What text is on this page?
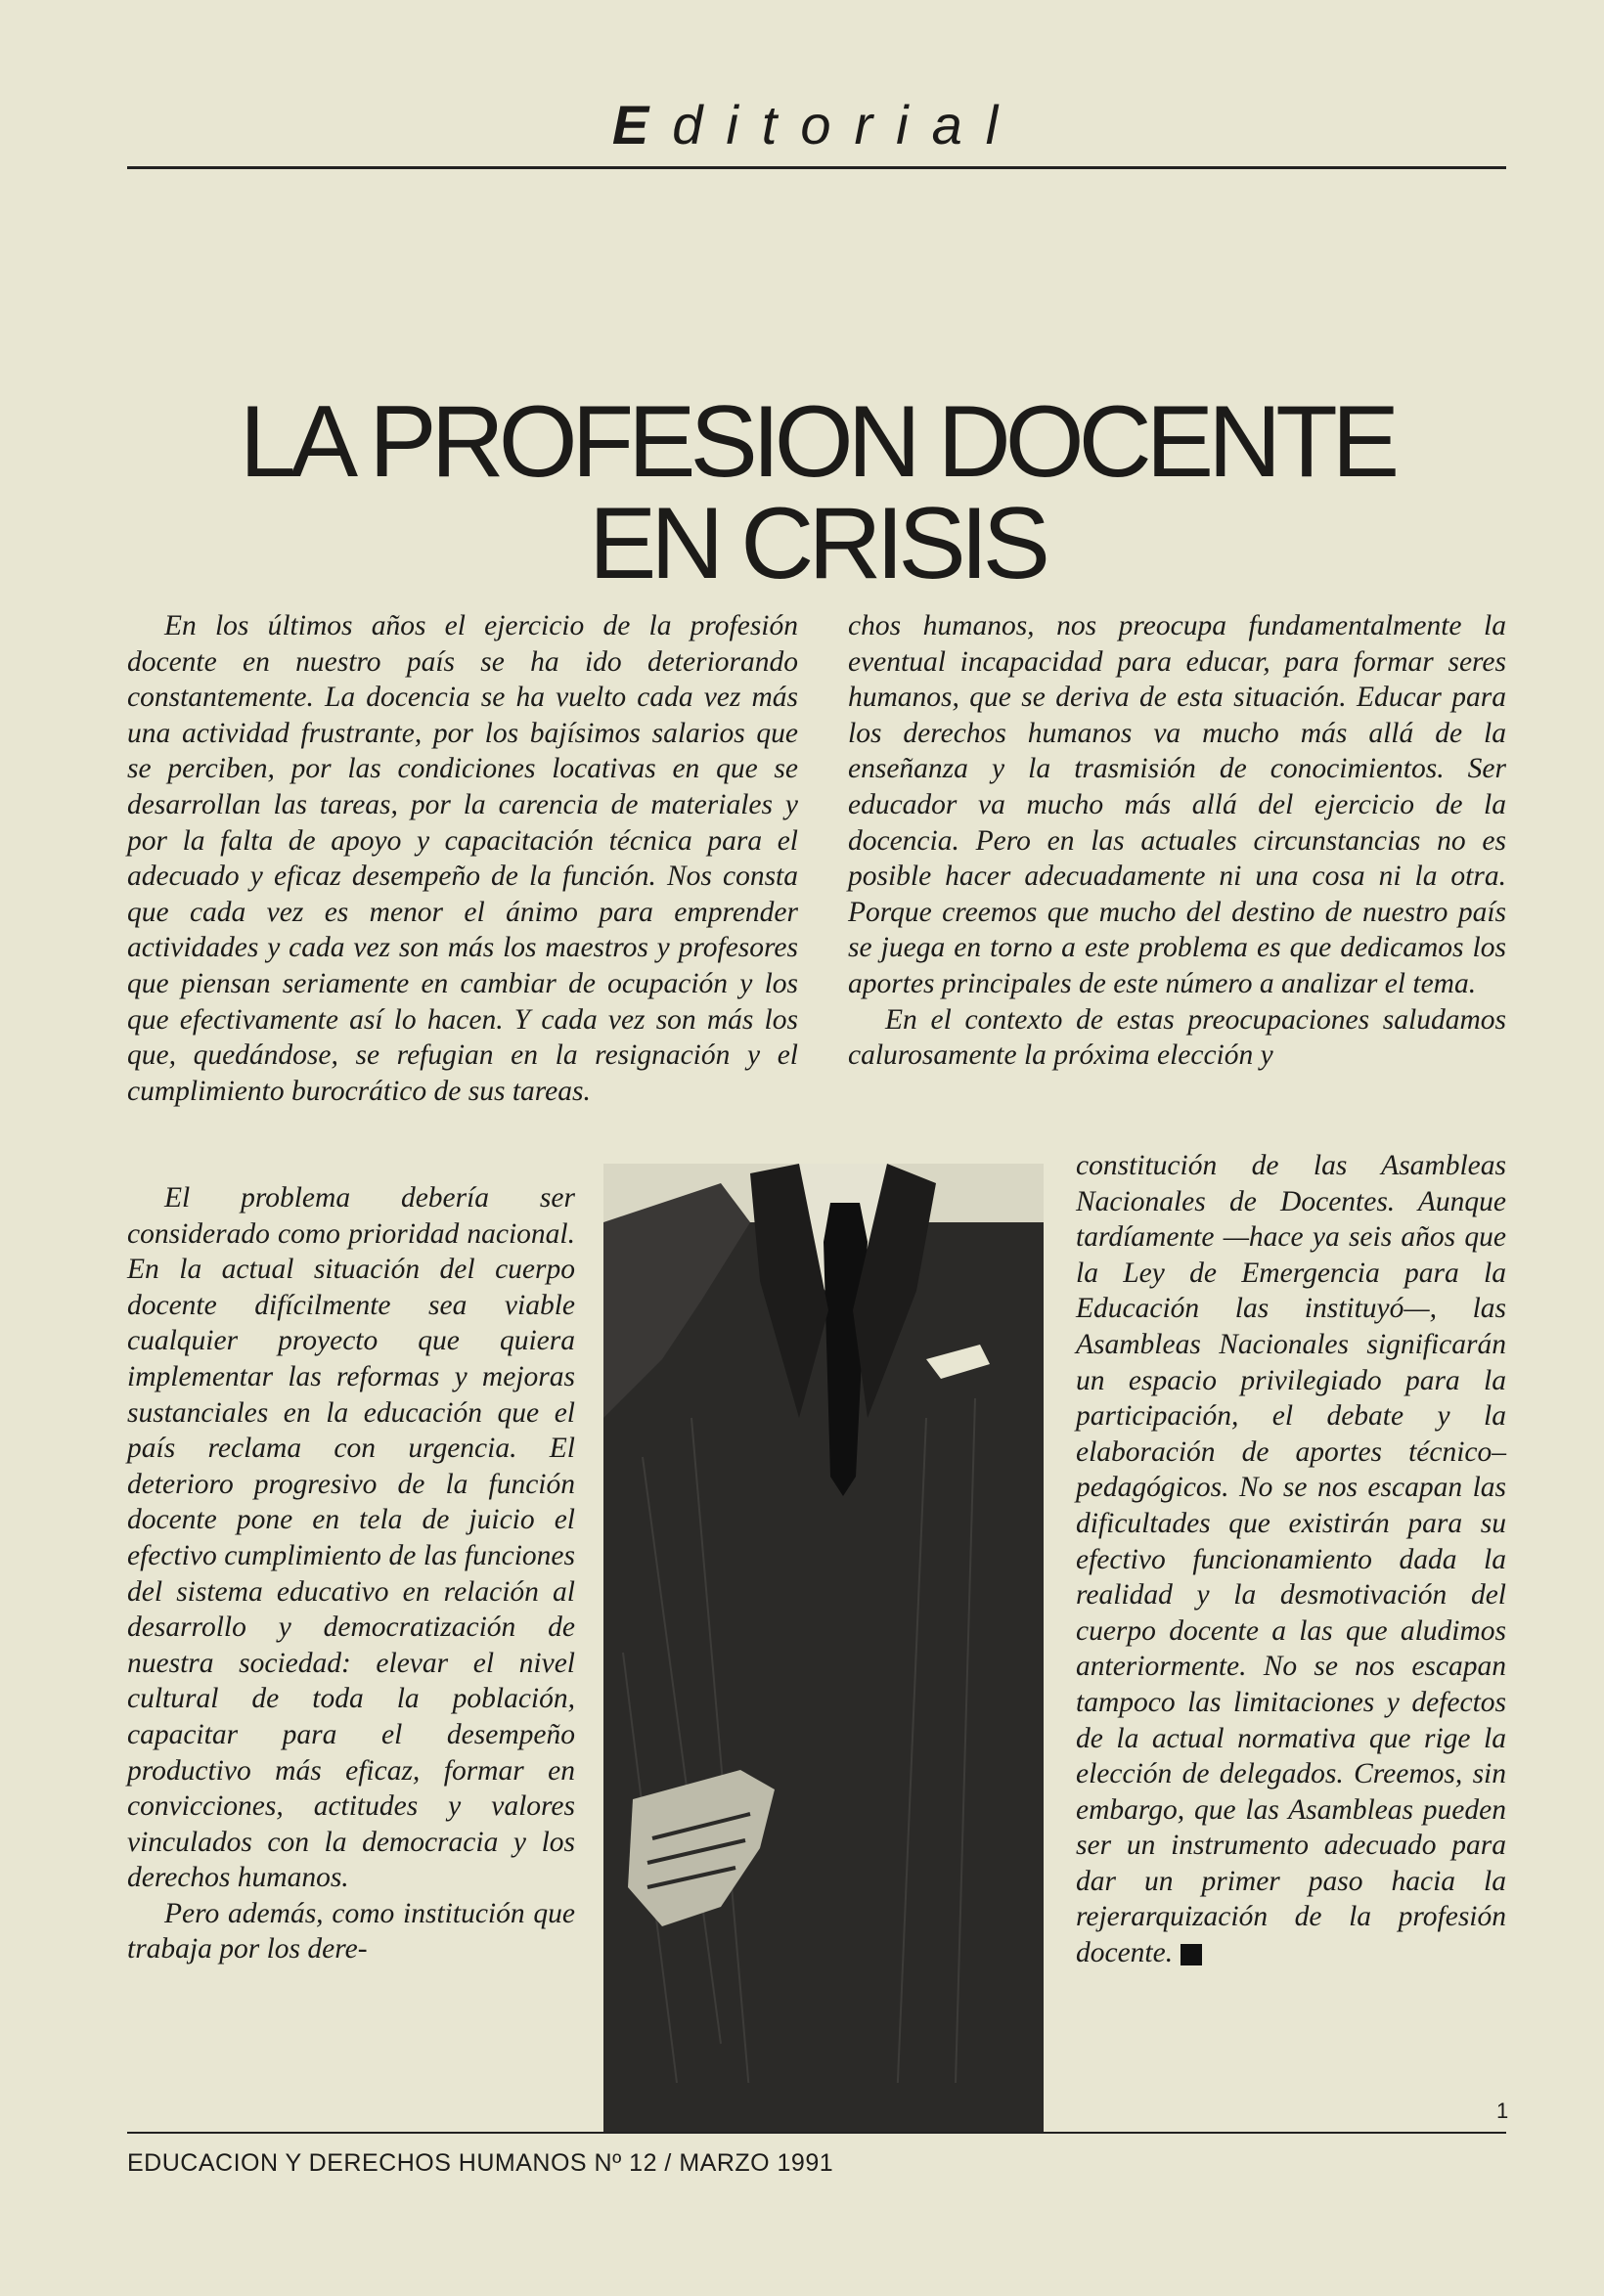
Editorial
LA PROFESION DOCENTE
EN CRISIS

En los últimos años el ejercicio de la profesión docente en nuestro país se ha ido deteriorando constantemente. La docencia se ha vuelto cada vez más una actividad frustrante, por los bajísimos salarios que se perciben, por las condiciones locativas en que se desarrollan las tareas, por la carencia de materiales y por la falta de apoyo y capacitación técnica para el adecuado y eficaz desempeño de la función. Nos consta que cada vez es menor el ánimo para emprender actividades y cada vez son más los maestros y profesores que piensan seriamente en cambiar de ocupación y los que efectivamente así lo hacen. Y cada vez son más los que, quedándose, se refugian en la resignación y el cumplimiento burocrático de sus tareas.

El problema debería ser considerado como prioridad nacional. En la actual situación del cuerpo docente difícilmente sea viable cualquier proyecto que quiera implementar las reformas y mejoras sustanciales en la educación que el país reclama con urgencia. El deterioro progresivo de la función docente pone en tela de juicio el efectivo cumplimiento de las funciones del sistema educativo en relación al desarrollo y democratización de nuestra sociedad: elevar el nivel cultural de toda la población, capacitar para el desempeño productivo más eficaz, formar en convicciones, actitudes y valores vinculados con la democracia y los derechos humanos.

Pero además, como institución que trabaja por los dere-

chos humanos, nos preocupa fundamentalmente la eventual incapacidad para educar, para formar seres humanos, que se deriva de esta situación. Educar para los derechos humanos va mucho más allá de la enseñanza y la trasmisión de conocimientos. Ser educador va mucho más allá del ejercicio de la docencia. Pero en las actuales circunstancias no es posible hacer adecuadamente ni una cosa ni la otra. Porque creemos que mucho del destino de nuestro país se juega en torno a este problema es que dedicamos los aportes principales de este número a analizar el tema.

En el contexto de estas preocupaciones saludamos calurosamente la próxima elección y

constitución de las Asambleas Nacionales de Docentes. Aunque tardíamente —hace ya seis años que la Ley de Emergencia para la Educación las instituyó—, las Asambleas Nacionales significarán un espacio privilegiado para la participación, el debate y la elaboración de aportes técnico–pedagógicos. No se nos escapan las dificultades que existirán para su efectivo funcionamiento dada la realidad y la desmotivación del cuerpo docente a las que aludimos anteriormente. No se nos escapan tampoco las limitaciones y defectos de la actual normativa que rige la elección de delegados. Creemos, sin embargo, que las Asambleas pueden ser un instrumento adecuado para dar un primer paso hacia la rejerarquización de la profesión docente.

EDUCACION Y DERECHOS HUMANOS Nº 12 / MARZO 1991
1
